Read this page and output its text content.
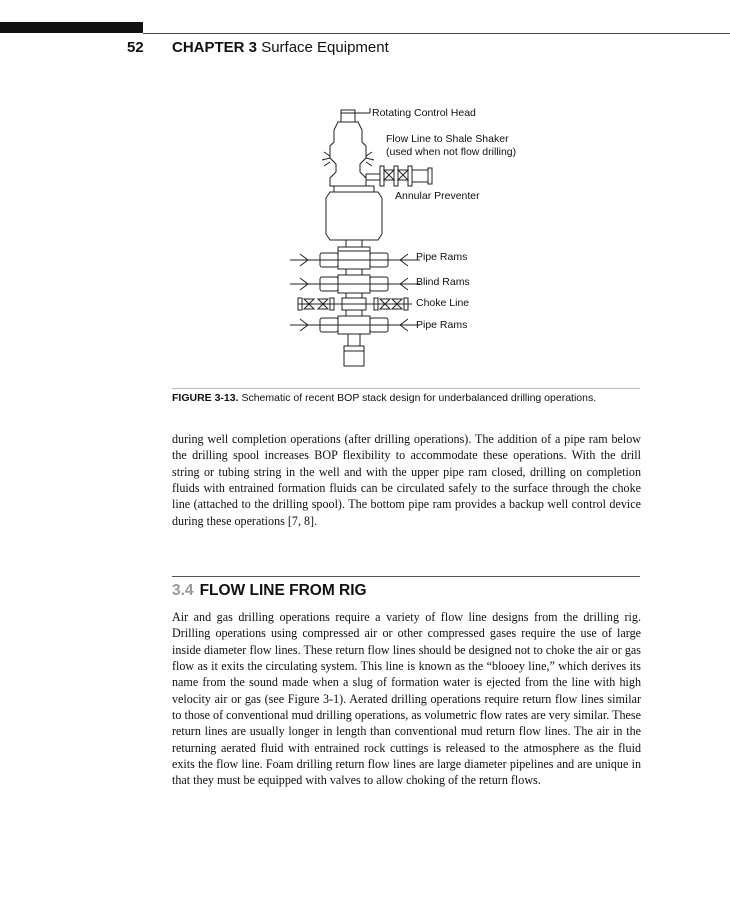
52 CHAPTER 3 Surface Equipment
Rotating Control Head
Flow Line to Shale Shaker
(used when not flow drilling)
Annular Preventer
Pipe Rams
Blind Rams
Choke Line
Pipe Rams
FIGURE 3-13. Schematic of recent BOP stack design for underbalanced drilling operations.

during well completion operations (after drilling operations). The addition of a pipe ram below the drilling spool increases BOP flexibility to accommodate these operations. With the drill string or tubing string in the well and with the upper pipe ram closed, drilling on completion fluids with entrained formation fluids can be circulated safely to the surface through the choke line (attached to the drilling spool). The bottom pipe ram provides a backup well control device during these operations [7, 8].

3.4 FLOW LINE FROM RIG

Air and gas drilling operations require a variety of flow line designs from the drilling rig. Drilling operations using compressed air or other compressed gases require the use of large inside diameter flow lines. These return flow lines should be designed not to choke the air or gas flow as it exits the circulating system. This line is known as the “blooey line,” which derives its name from the sound made when a slug of formation water is ejected from the line with high velocity air or gas (see Figure 3-1). Aerated drilling operations require return flow lines similar to those of conventional mud drilling operations, as volumetric flow rates are very similar. These return lines are usually longer in length than conventional mud return flow lines. The air in the returning aerated fluid with entrained rock cuttings is released to the atmosphere as the fluid exits the flow line. Foam drilling return flow lines are large diameter pipelines and are unique in that they must be equipped with valves to allow choking of the return flows.
